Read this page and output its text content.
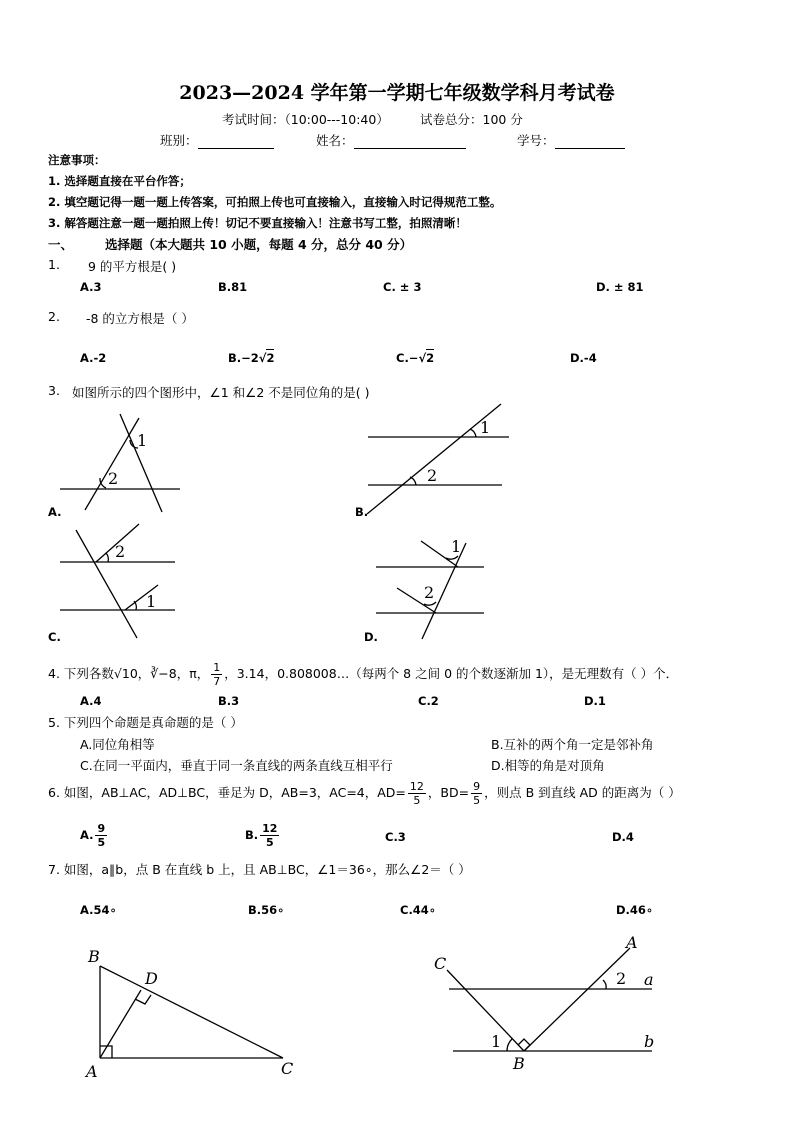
2023—2024 学年第一学期七年级数学科月考试卷
考试时间：（10:00---10:40） 试卷总分：100 分
班别：	姓名：	学号：
注意事项：
1. 选择题直接在平台作答；
2. 填空题记得一题一题上传答案，可拍照上传也可直接输入，直接输入时记得规范工整。
3. 解答题注意一题一题拍照上传！切记不要直接输入！注意书写工整，拍照清晰！
一、	选择题（本大题共 10 小题，每题 4 分，总分 40 分）
1. 9 的平方根是( )
A.3	B.81	C. ± 3	D. ± 81
2. -8 的立方根是（ ）
A.-2	B.−2√2	C.−√2	D.-4
3. 如图所示的四个图形中，∠1 和∠2 不是同位角的是( )
1
2
1
2
2
1
1
2
A.	B.
C.	D.
4. 下列各数√10，∛−8，π， $\frac{1}{7}$ ，3.14，0.808008…（每两个 8 之间 0 的个数逐渐加 1），是无理数有（ ）个．
A.4	B.3	C.2	D.1
5. 下列四个命题是真命题的是（ ）
A.同位角相等	B.互补的两个角一定是邻补角
C.在同一平面内，垂直于同一条直线的两条直线互相平行	D.相等的角是对顶角
6. 如图，AB⊥AC，AD⊥BC，垂足为 D，AB=3，AC=4，$AD= \frac{12}{5}$ ，$BD= \frac{9}{5}$ ，则点 B 到直线 AD 的距离为（ ）
A. $\frac{9}{5}$	B. $\frac{12}{5}$	C.3	D.4
7. 如图，a∥b，点 B 在直线 b 上，且 AB⊥BC，∠1＝36∘，那么∠2＝（ ）
A.54∘	B.56∘	C.44∘	D.46∘
B
D
A	C
C
A
a
b
B
1
2
